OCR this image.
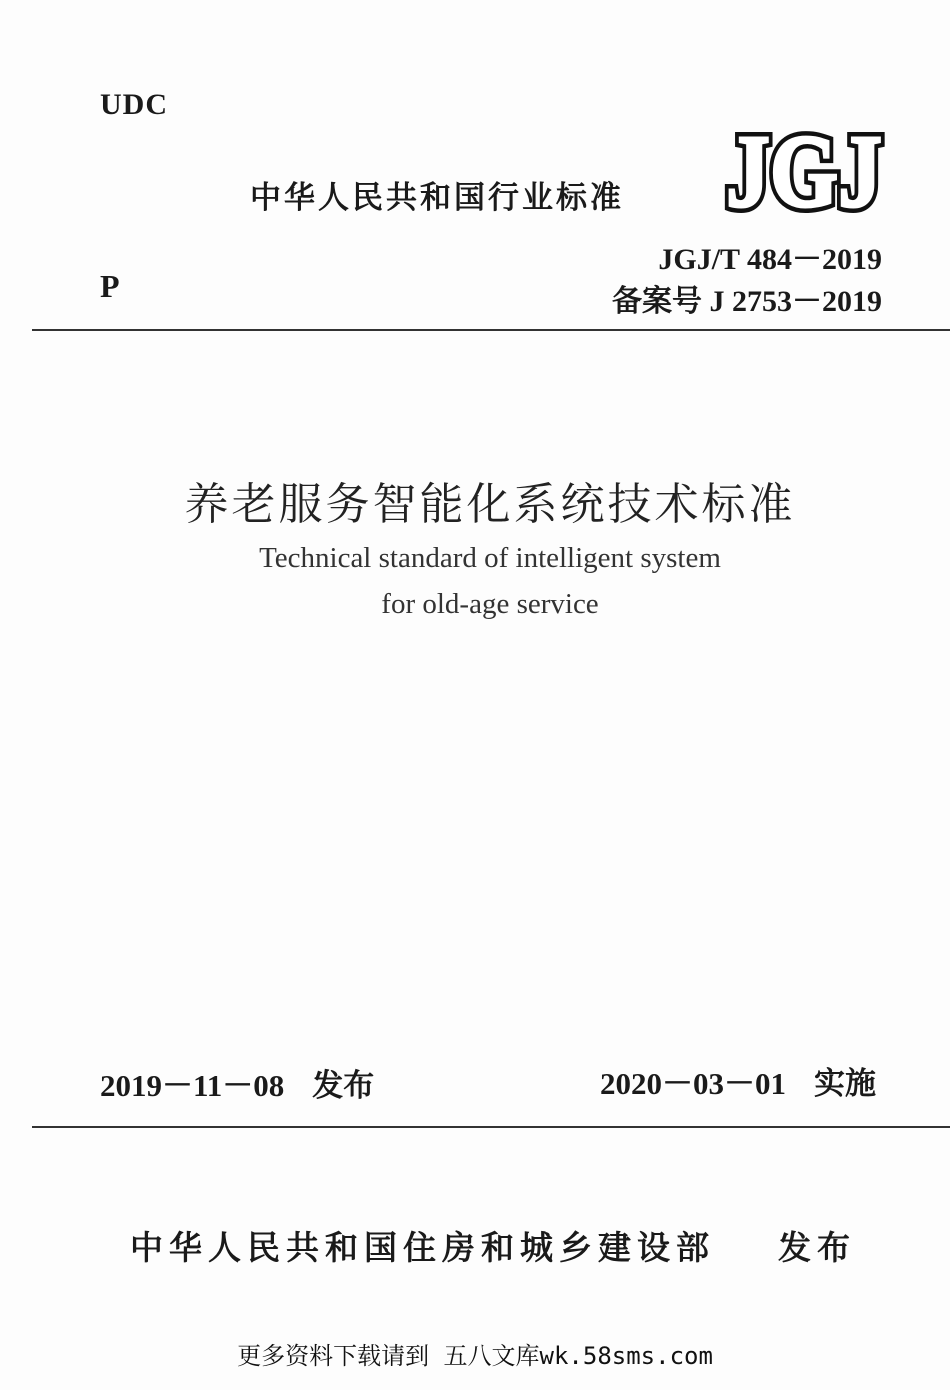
UDC
中华人民共和国行业标准 JGJ
JGJ
P
JGJ/T 484－2019
备案号 J 2753－2019
养老服务智能化系统技术标准
Technical standard of intelligent system
for old-age service
2019－11－08 发布	2020－03－01 实施
中华人民共和国住房和城乡建设部 发布
更多资料下载请到 五八文库wk.58sms.com
